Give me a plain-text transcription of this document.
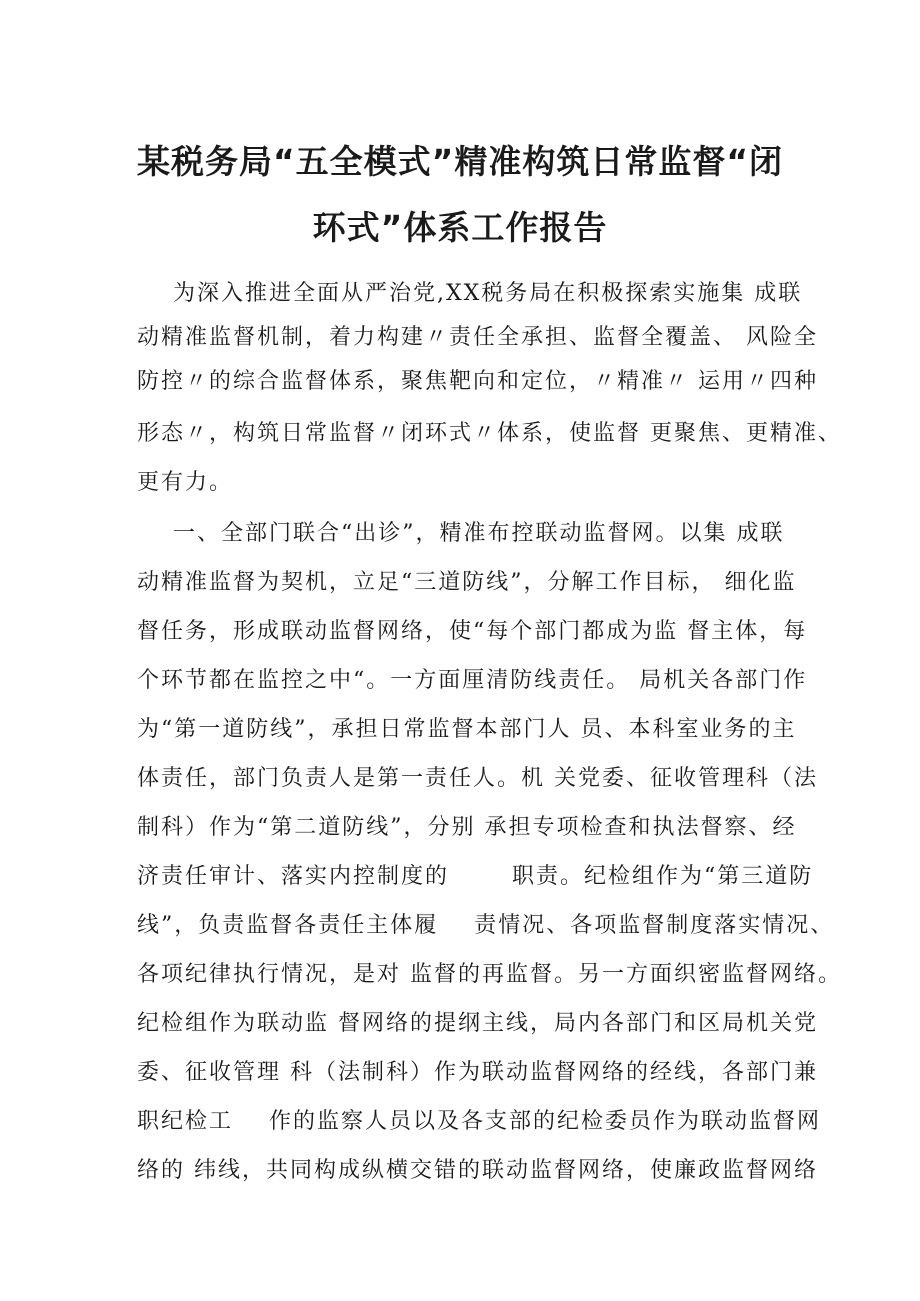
某税务局“五全模式”精准构筑日常监督“闭
环式”体系工作报告
为深入推进全面从严治党,XX税务局在积极探索实施集 成联
动精准监督机制，着力构建〃责任全承担、监督全覆盖、 风险全
防控〃的综合监督体系，聚焦靶向和定位，〃精准〃 运用〃四种
形态〃，构筑日常监督〃闭环式〃体系，使监督 更聚焦、更精准、
更有力。
一、全部门联合“出诊”，精准布控联动监督网。以集 成联
动精准监督为契机，立足“三道防线”，分解工作目标， 细化监
督任务，形成联动监督网络，使“每个部门都成为监 督主体，每
个环节都在监控之中“。一方面厘清防线责任。 局机关各部门作
为“第一道防线”，承担日常监督本部门人 员、本科室业务的主
体责任，部门负责人是第一责任人。机 关党委、征收管理科（法
制科）作为“第二道防线”，分别 承担专项检查和执法督察、经
济责任审计、落实内控制度的       职责。纪检组作为“第三道防
线”，负责监督各责任主体履    责情况、各项监督制度落实情况、
各项纪律执行情况，是对 监督的再监督。另一方面织密监督网络。
纪检组作为联动监 督网络的提纲主线，局内各部门和区局机关党
委、征收管理 科（法制科）作为联动监督网络的经线，各部门兼
职纪检工    作的监察人员以及各支部的纪检委员作为联动监督网
络的 纬线，共同构成纵横交错的联动监督网络，使廉政监督网络
